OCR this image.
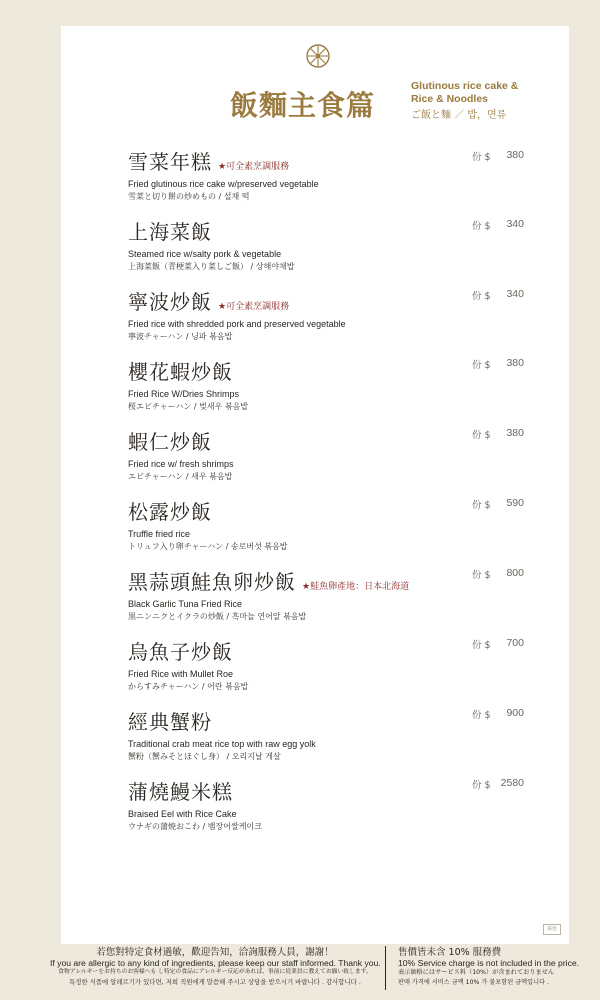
飯麵主食篇
Glutinous rice cake & Rice & Noodles
ご飯と麵 ／ 밥，면류
雪菜年糕 ★可全素烹調服務
Fried glutinous rice cake w/preserved vegetable
雪菜と切り餅の炒めもの / 설채 떡
份 $ 380
上海菜飯
Steamed rice w/salty pork & vegetable
上海菜飯（青梗菜入り菜しご飯） / 상해야채밥
份 $ 340
寧波炒飯 ★可全素烹調服務
Fried rice with shredded pork and preserved vegetable
寧波チャーハン / 닝파 볶음밥
份 $ 340
櫻花蝦炒飯
Fried Rice W/Dries Shrimps
桜エビチャーハン / 벚새우 볶음밥
份 $ 380
蝦仁炒飯
Fried rice w/ fresh shrimps
エビチャーハン / 새우 볶음밥
份 $ 380
松露炒飯
Truffle fried rice
トリュフ入り卵チャーハン / 송로버섯 볶음밥
份 $ 590
黑蒜頭鮭魚卵炒飯 ★鮭魚卵產地：日本北海道
Black Garlic Tuna Fried Rice
黒ニンニクとイクラの炒飯 / 흑마늘 연어알 볶음밥
份 $ 800
烏魚子炒飯
Fried Rice with Mullet Roe
からすみチャーハン / 어란 볶음밥
份 $ 700
經典蟹粉
Traditional crab meat rice top with raw egg yolk
蟹粉（蟹みそとほぐし身） / 오리지날 게살
份 $ 900
蒲燒鰻米糕
Braised Eel with Rice Cake
ウナギの蒲焼おこわ / 뱀장어쌀케이크
份 $ 2580
菜色
若您對特定食材過敏，歡迎告知，洽詢服務人員，謝謝！
If you are allergic to any kind of ingredients, please keep our staff informed. Thank you.
食物アレルギーをお持ちのお客様へも し特定の食品にアレルギー反応があれば、事前に従業員に教えてお願い致します。
특정한 식품에 알레르기가 있다면, 저희 직원에게 말씀해 주시고 상담을 받으시기 바랍니다 . 감사합니다 .
售價皆未含 10% 服務費
10% Service charge is not included in the price.
表示価格にはサービス料（10%）が含まれておりません
판매 가격에 서비스 금액 10% 가 불포함된 금액입니다 .
